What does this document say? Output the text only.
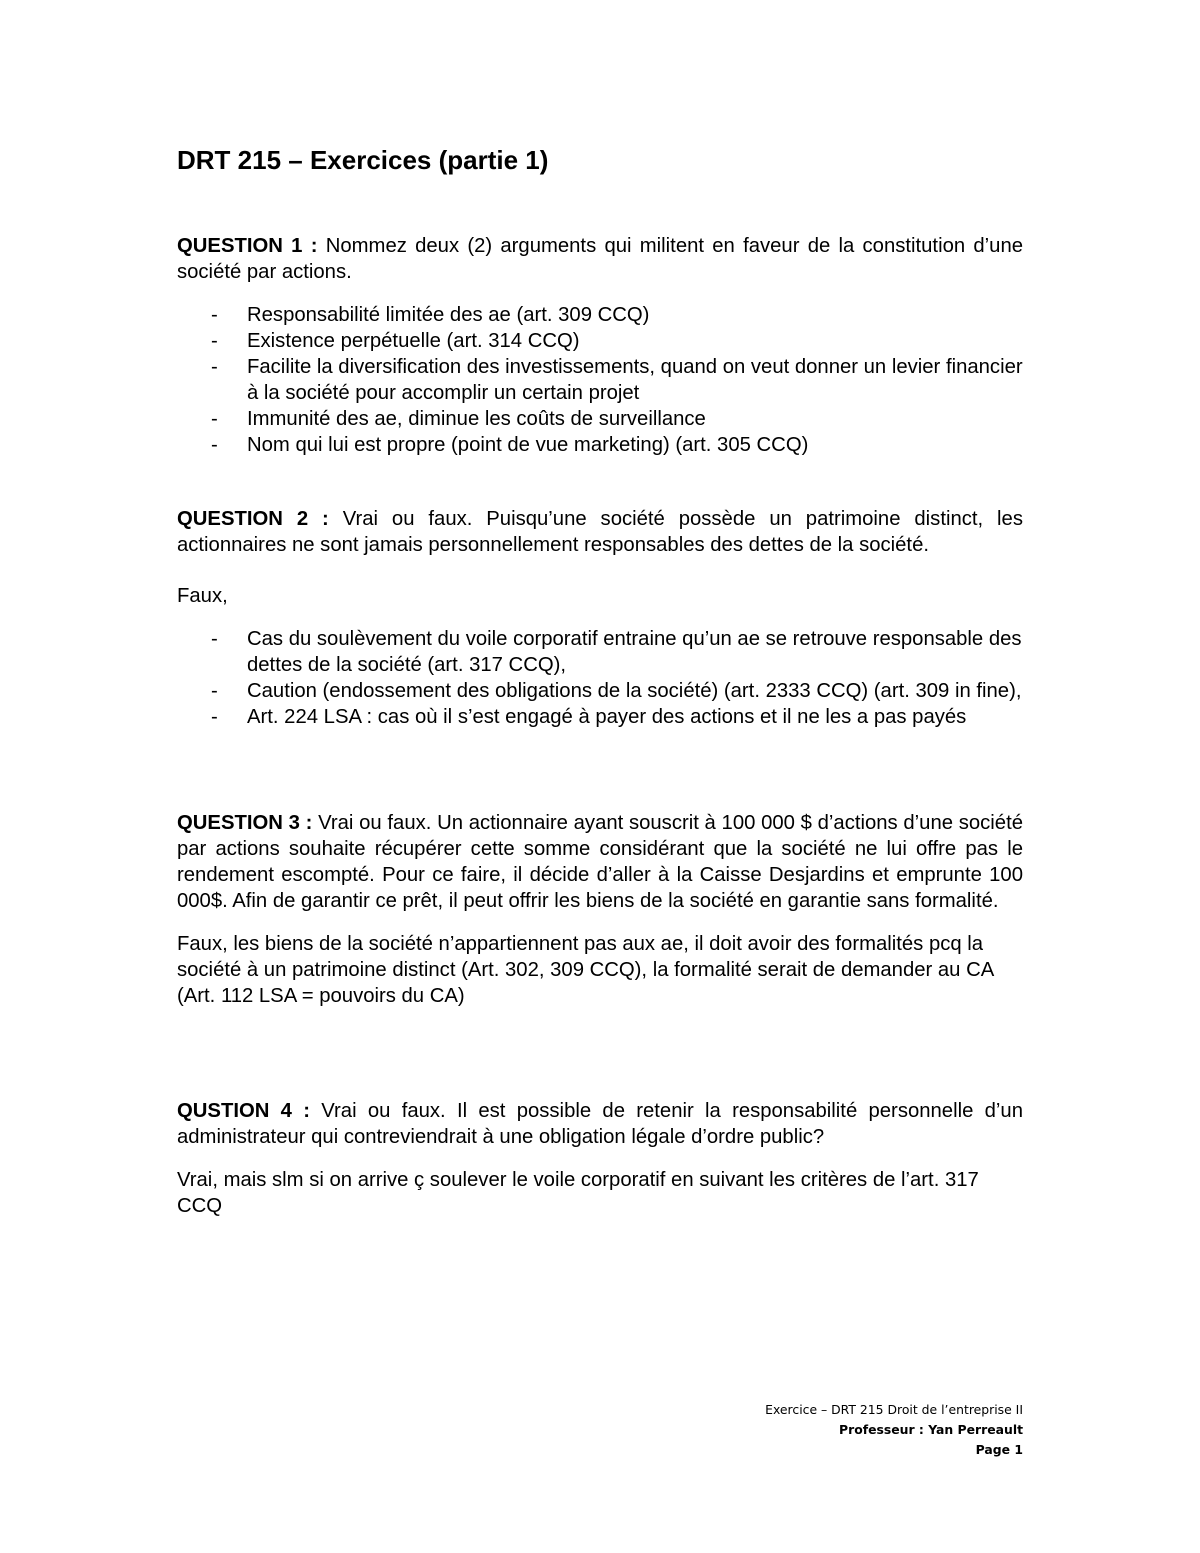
DRT 215 – Exercices (partie 1)

QUESTION 1 : Nommez deux (2) arguments qui militent en faveur de la constitution d’une société par actions.

- Responsabilité limitée des ae (art. 309 CCQ)
- Existence perpétuelle (art. 314 CCQ)
- Facilite la diversification des investissements, quand on veut donner un levier financier à la société pour accomplir un certain projet
- Immunité des ae, diminue les coûts de surveillance
- Nom qui lui est propre (point de vue marketing) (art. 305 CCQ)

QUESTION 2 : Vrai ou faux. Puisqu’une société possède un patrimoine distinct, les actionnaires ne sont jamais personnellement responsables des dettes de la société.

Faux,

- Cas du soulèvement du voile corporatif entraine qu’un ae se retrouve responsable des dettes de la société (art. 317 CCQ),
- Caution (endossement des obligations de la société) (art. 2333 CCQ) (art. 309 in fine),
- Art. 224 LSA : cas où il s’est engagé à payer des actions et il ne les a pas payés

QUESTION 3 : Vrai ou faux. Un actionnaire ayant souscrit à 100 000 $ d’actions d’une société par actions souhaite récupérer cette somme considérant que la société ne lui offre pas le rendement escompté. Pour ce faire, il décide d’aller à la Caisse Desjardins et emprunte 100 000$. Afin de garantir ce prêt, il peut offrir les biens de la société en garantie sans formalité.

Faux, les biens de la société n’appartiennent pas aux ae, il doit avoir des formalités pcq la société à un patrimoine distinct (Art. 302, 309 CCQ), la formalité serait de demander au CA (Art. 112 LSA = pouvoirs du CA)

QUSTION 4 : Vrai ou faux. Il est possible de retenir la responsabilité personnelle d’un administrateur qui contreviendrait à une obligation légale d’ordre public?

Vrai, mais slm si on arrive ç soulever le voile corporatif en suivant les critères de l’art. 317 CCQ

Exercice – DRT 215 Droit de l’entreprise II
Professeur : Yan Perreault
Page 1
